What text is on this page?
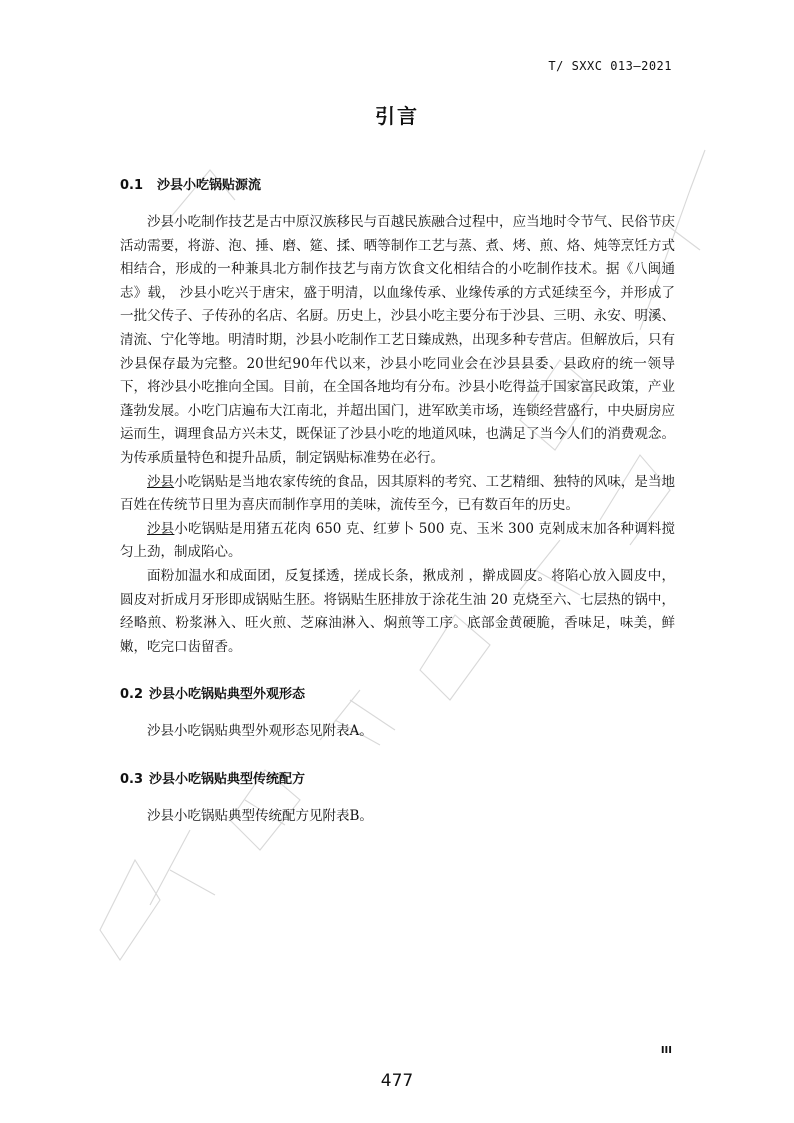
T/ SXXC 013—2021
引言
0.1 沙县小吃锅贴源流

沙县小吃制作技艺是古中原汉族移民与百越民族融合过程中，应当地时令节气、民俗节庆活动需要，将游、泡、捶、磨、筵、揉、晒等制作工艺与蒸、煮、烤、煎、烙、炖等烹饪方式相结合，形成的一种兼具北方制作技艺与南方饮食文化相结合的小吃制作技术。据《八闽通志》载， 沙县小吃兴于唐宋，盛于明清，以血缘传承、业缘传承的方式延续至今，并形成了一批父传子、子传孙的名店、名厨。历史上，沙县小吃主要分布于沙县、三明、永安、明溪、清流、宁化等地。明清时期，沙县小吃制作工艺日臻成熟，出现多种专营店。但解放后，只有沙县保存最为完整。20世纪90年代以来，沙县小吃同业会在沙县县委、县政府的统一领导下，将沙县小吃推向全国。目前，在全国各地均有分布。沙县小吃得益于国家富民政策，产业蓬勃发展。小吃门店遍布大江南北，并超出国门，进军欧美市场，连锁经营盛行，中央厨房应运而生，调理食品方兴未艾，既保证了沙县小吃的地道风味，也满足了当今人们的消费观念。为传承质量特色和提升品质，制定锅贴标准势在必行。

沙县小吃锅贴是当地农家传统的食品，因其原料的考究、工艺精细、独特的风味，是当地百姓在传统节日里为喜庆而制作享用的美味，流传至今，已有数百年的历史。

沙县小吃锅贴是用猪五花肉 650 克、红萝卜 500 克、玉米 300 克剁成末加各种调料搅匀上劲，制成陷心。

面粉加温水和成面团，反复揉透，搓成长条，揪成剂 ，擀成圆皮。将陷心放入圆皮中，圆皮对折成月牙形即成锅贴生胚。将锅贴生胚排放于涂花生油 20 克烧至六、七层热的锅中，经略煎、粉浆淋入、旺火煎、芝麻油淋入、焖煎等工序。底部金黄硬脆，香味足，味美，鲜嫩，吃完口齿留香。

0.2 沙县小吃锅贴典型外观形态

沙县小吃锅贴典型外观形态见附表A。

0.3 沙县小吃锅贴典型传统配方

沙县小吃锅贴典型传统配方见附表B。

III
477
